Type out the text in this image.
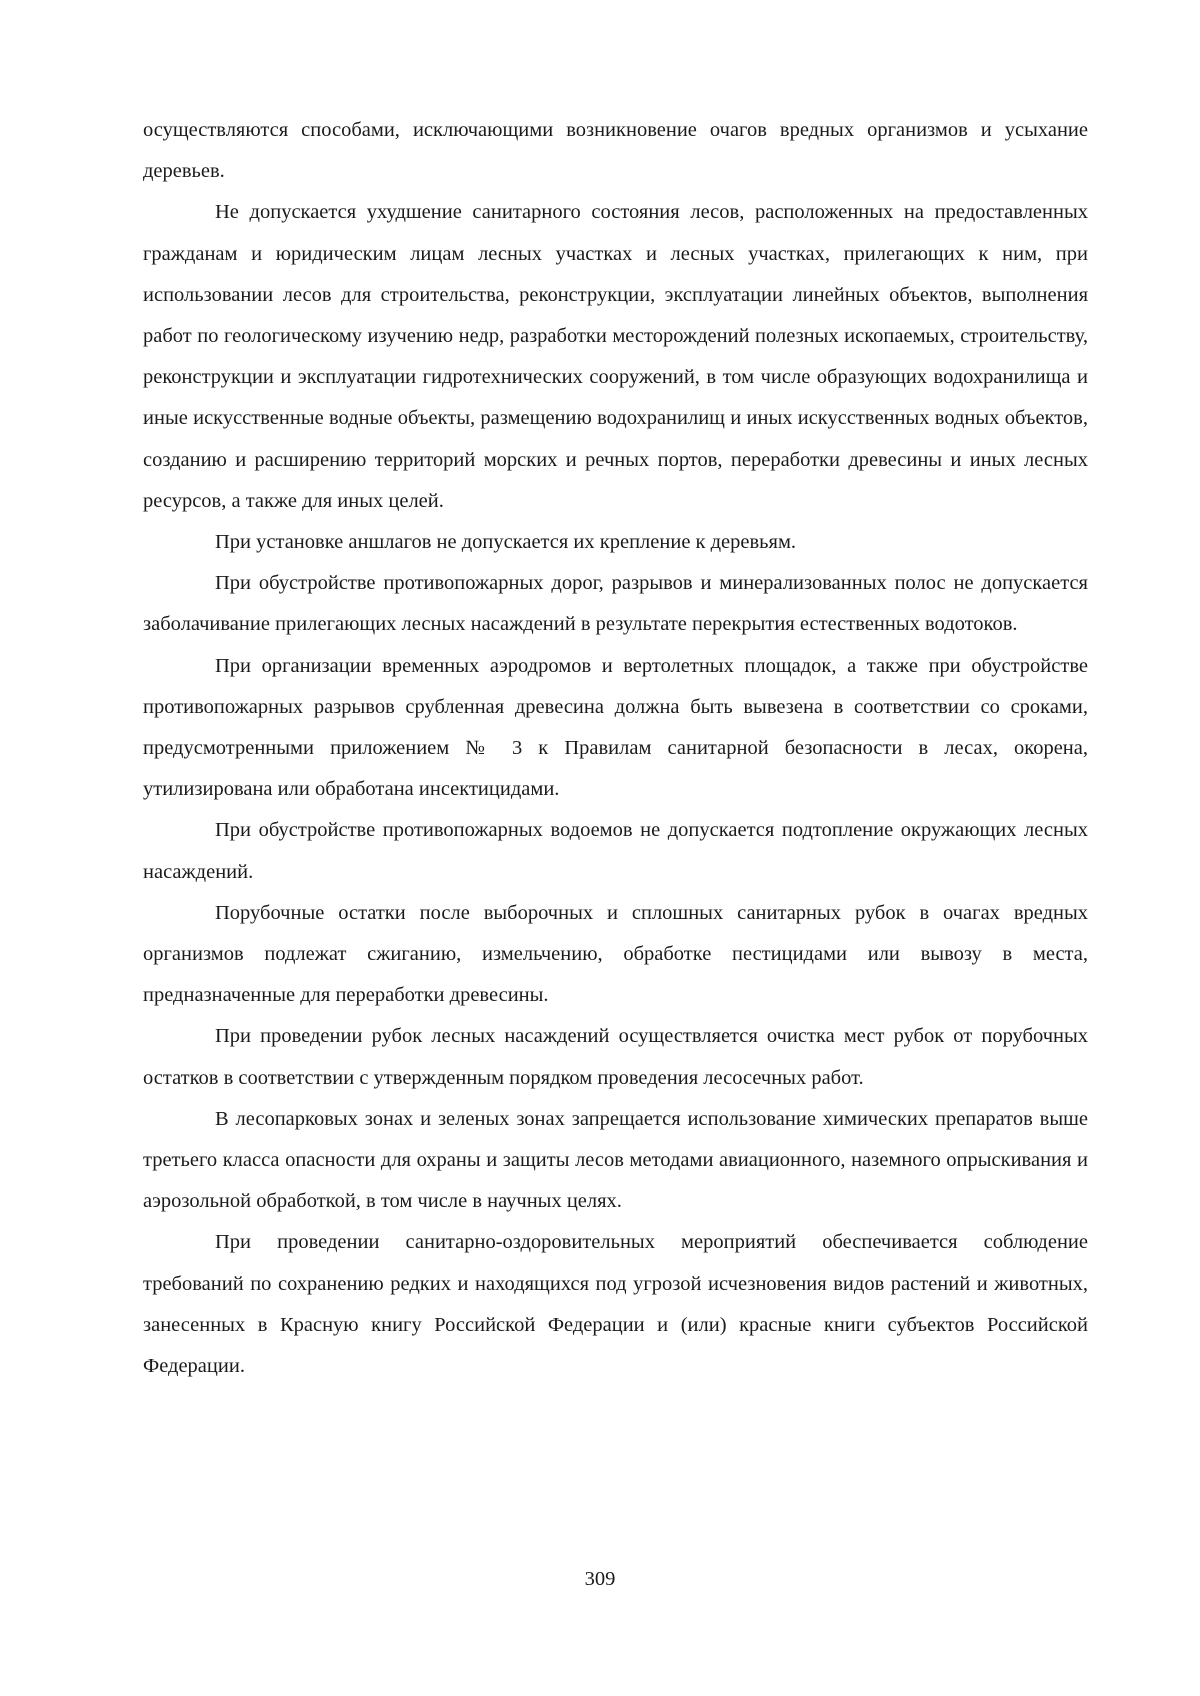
осуществляются способами, исключающими возникновение очагов вредных организмов и усыхание деревьев.

Не допускается ухудшение санитарного состояния лесов, расположенных на предоставленных гражданам и юридическим лицам лесных участках и лесных участках, прилегающих к ним, при использовании лесов для строительства, реконструкции, эксплуатации линейных объектов, выполнения работ по геологическому изучению недр, разработки месторождений полезных ископаемых, строительству, реконструкции и эксплуатации гидротехнических сооружений, в том числе образующих водохранилища и иные искусственные водные объекты, размещению водохранилищ и иных искусственных водных объектов, созданию и расширению территорий морских и речных портов, переработки древесины и иных лесных ресурсов, а также для иных целей.

При установке аншлагов не допускается их крепление к деревьям.

При обустройстве противопожарных дорог, разрывов и минерализованных полос не допускается заболачивание прилегающих лесных насаждений в результате перекрытия естественных водотоков.

При организации временных аэродромов и вертолетных площадок, а также при обустройстве противопожарных разрывов срубленная древесина должна быть вывезена в соответствии со сроками, предусмотренными приложением № 3 к Правилам санитарной безопасности в лесах, окорена, утилизирована или обработана инсектицидами.

При обустройстве противопожарных водоемов не допускается подтопление окружающих лесных насаждений.

Порубочные остатки после выборочных и сплошных санитарных рубок в очагах вредных организмов подлежат сжиганию, измельчению, обработке пестицидами или вывозу в места, предназначенные для переработки древесины.

При проведении рубок лесных насаждений осуществляется очистка мест рубок от порубочных остатков в соответствии с утвержденным порядком проведения лесосечных работ.

В лесопарковых зонах и зеленых зонах запрещается использование химических препаратов выше третьего класса опасности для охраны и защиты лесов методами авиационного, наземного опрыскивания и аэрозольной обработкой, в том числе в научных целях.

При проведении санитарно-оздоровительных мероприятий обеспечивается соблюдение требований по сохранению редких и находящихся под угрозой исчезновения видов растений и животных, занесенных в Красную книгу Российской Федерации и (или) красные книги субъектов Российской Федерации.

309
